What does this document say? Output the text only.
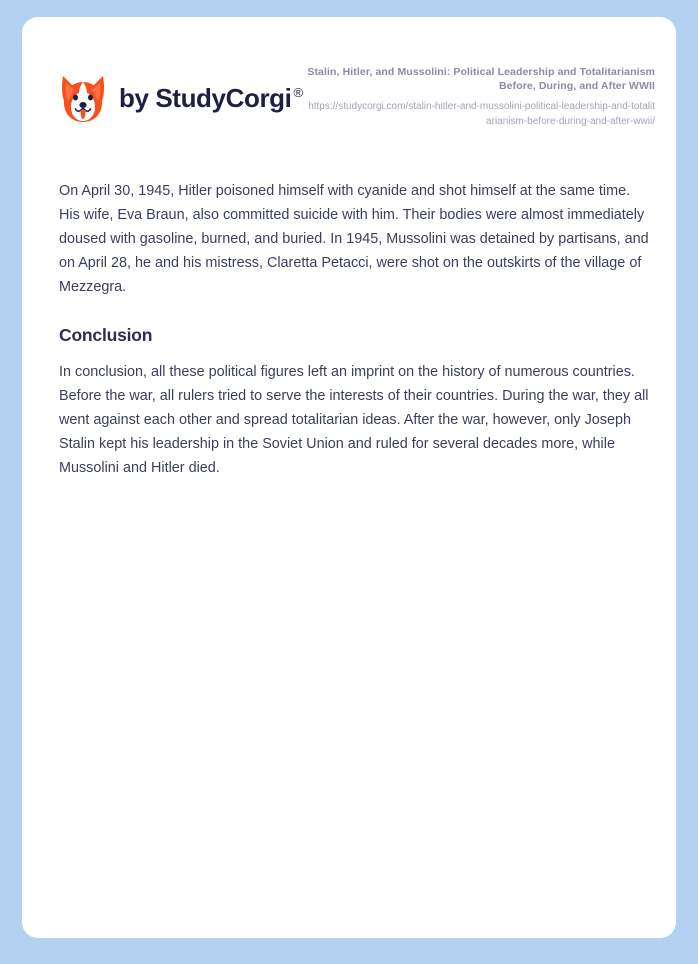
by StudyCorgi ®

Stalin, Hitler, and Mussolini: Political Leadership and Totalitarianism Before, During, and After WWII

https://studycorgi.com/stalin-hitler-and-mussolini-political-leadership-and-totalitarianism-before-during-and-after-wwii/

On April 30, 1945, Hitler poisoned himself with cyanide and shot himself at the same time. His wife, Eva Braun, also committed suicide with him. Their bodies were almost immediately doused with gasoline, burned, and buried. In 1945, Mussolini was detained by partisans, and on April 28, he and his mistress, Claretta Petacci, were shot on the outskirts of the village of Mezzegra.

Conclusion

In conclusion, all these political figures left an imprint on the history of numerous countries. Before the war, all rulers tried to serve the interests of their countries. During the war, they all went against each other and spread totalitarian ideas. After the war, however, only Joseph Stalin kept his leadership in the Soviet Union and ruled for several decades more, while Mussolini and Hitler died.
